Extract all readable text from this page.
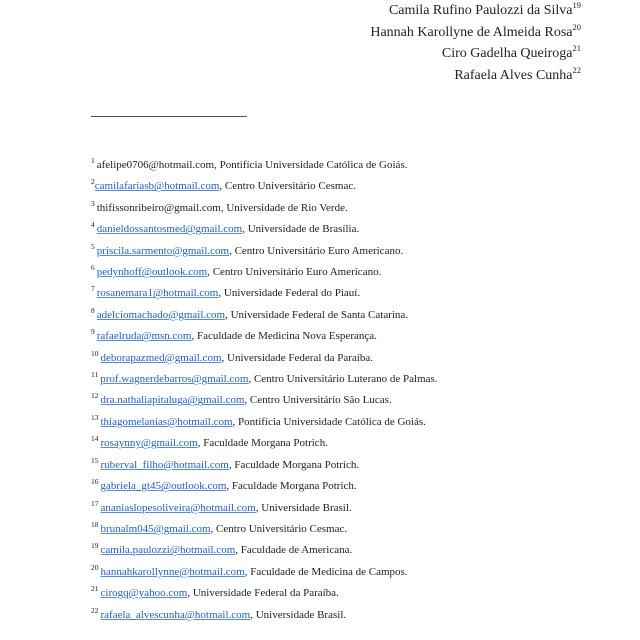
Camila Rufino Paulozzi da Silva$^{19}$
Hannah Karollyne de Almeida Rosa$^{20}$
Ciro Gadelha Queiroga$^{21}$
Rafaela Alves Cunha$^{22}$
$^1$ afelipe0706@hotmail.com, Pontifícia Universidade Católica de Goiás.
$^2$camilafariasb@hotmail.com, Centro Universitário Cesmac.
$^3$ thifissonribeiro@gmail.com, Universidade de Rio Verde.
$^4$ danieldossantosmed@gmail.com, Universidade de Brasília.
$^5$ priscila.sarmento@gmail.com, Centro Universitário Euro Americano.
$^6$ pedynhoff@outlook.com, Centro Universitário Euro Americano.
$^7$ rosanemara1@hotmail.com, Universidade Federal do Piauí.
$^8$ adelciomachado@gmail.com, Universidade Federal de Santa Catarina.
$^9$ rafaelruda@msn.com, Faculdade de Medicina Nova Esperança.
$^{10}$ deborapazmed@gmail.com, Universidade Federal da Paraíba.
$^{11}$ prof.wagnerdebarros@gmail.com, Centro Universitário Luterano de Palmas.
$^{12}$ dra.nathaliapitaluga@gmail.com, Centro Universitário São Lucas.
$^{13}$ thiagomelanias@hotmail.com, Pontifícia Universidade Católica de Goiás.
$^{14}$ rosaynny@gmail.com, Faculdade Morgana Potrich.
$^{15}$ ruberval_filho@hotmail.com, Faculdade Morgana Potrich.
$^{16}$ gabriela_gt45@outlook.com, Faculdade Morgana Potrich.
$^{17}$ ananiaslopesoliveira@hotmail.com, Universidade Brasil.
$^{18}$ brunalm045@gmail.com, Centro Universitário Cesmac.
$^{19}$ camila.paulozzi@hotmail.com, Faculdade de Americana.
$^{20}$ hannahkarollynne@hotmail.com, Faculdade de Medicina de Campos.
$^{21}$ cirogq@yahoo.com, Universidade Federal da Paraíba.
$^{22}$ rafaela_alvescunha@hotmail.com, Universidade Brasil.
